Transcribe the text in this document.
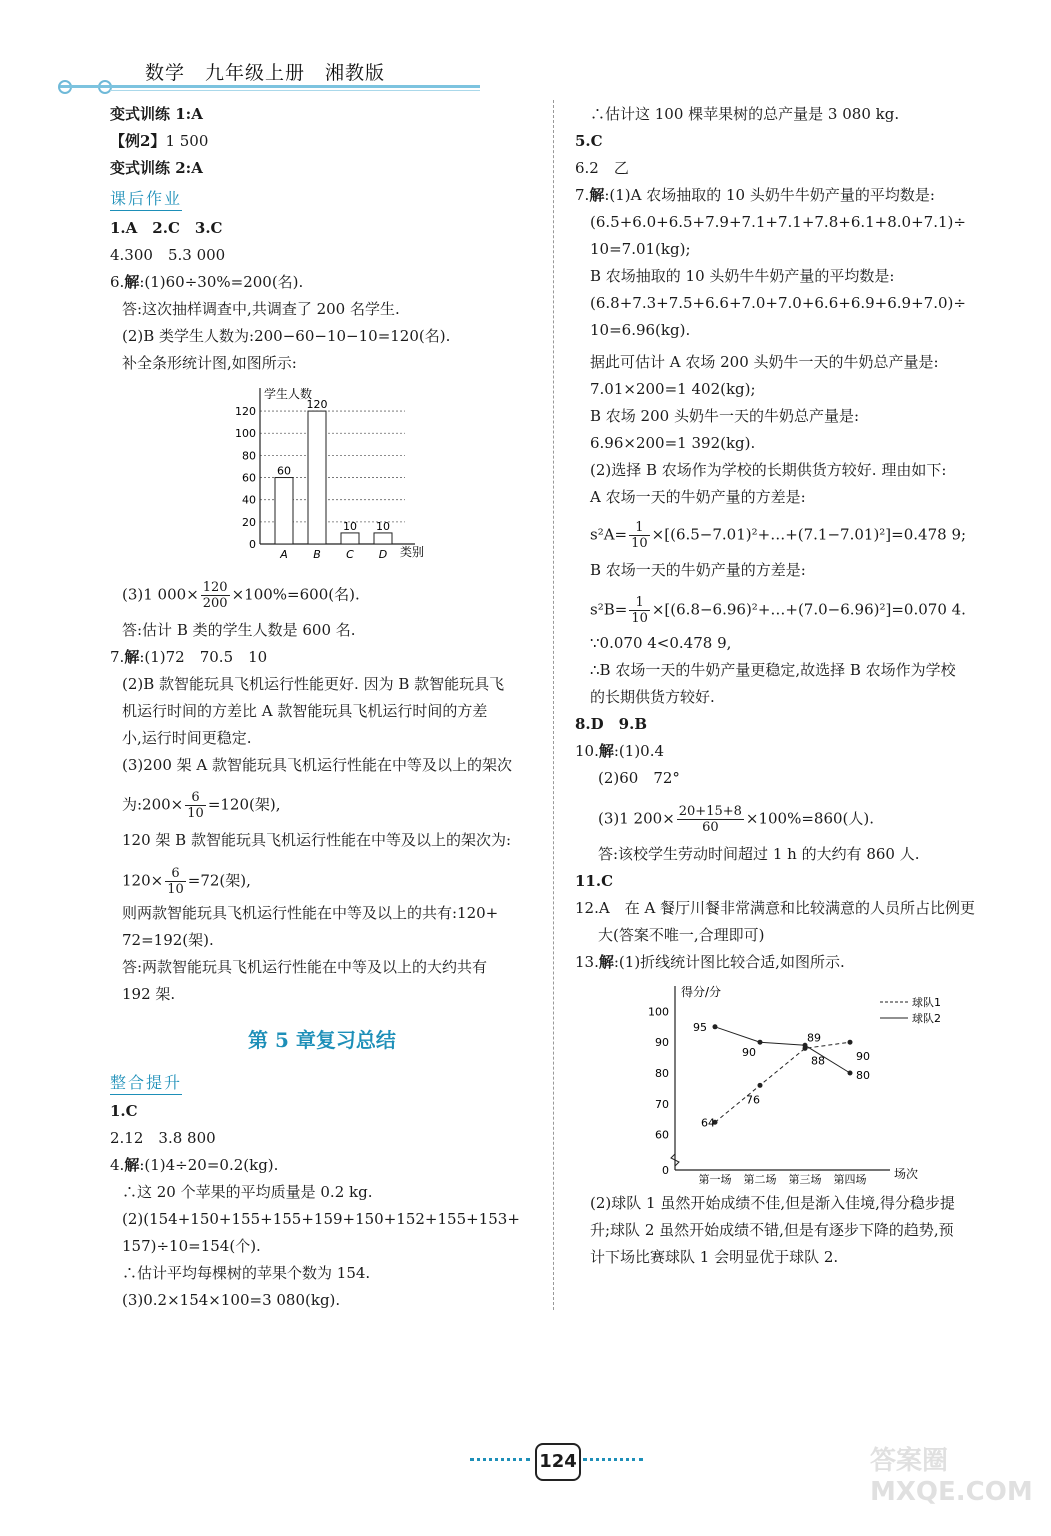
数学　九年级上册　湘教版
变式训练 1:A
【例2】1 500
变式训练 2:A
课后作业
1.A　2.C　3.C
4.300　5.3 000
6.解:(1)60÷30%=200(名).
答:这次抽样调查中,共调查了 200 名学生.
(2)B 类学生人数为:200−60−10−10=120(名).
补全条形统计图,如图所示:
0
20
40
60
80
100
120
学生人数
类别
60
A
120
B
10
C
10
D
(3)1 $000\times \frac{120}{200} \times 100\%=600$(名).
答:估计 B 类的学生人数是 600 名.
7.解:(1)72　70.5　10
(2)B 款智能玩具飞机运行性能更好. 因为 B 款智能玩具飞
机运行时间的方差比 A 款智能玩具飞机运行时间的方差
小,运行时间更稳定.
(3)200 架 A 款智能玩具飞机运行性能在中等及以上的架次
为:200× $\frac{6}{10} =120$(架),
120 架 B 款智能玩具飞机运行性能在中等及以上的架次为:
$120\times \frac{6}{10} =72$(架),
则两款智能玩具飞机运行性能在中等及以上的共有:120+
72=192(架).
答:两款智能玩具飞机运行性能在中等及以上的大约共有
192 架.
第 5 章复习总结
整合提升
1.C
2.12　3.8 800
4.解:(1)4÷20=0.2(kg).
∴这 20 个苹果的平均质量是 0.2 kg.
(2)(154+150+155+155+159+150+152+155+153+
157)÷10=154(个).
∴估计平均每棵树的苹果个数为 154.
(3)0.2×154×100=3 080(kg).
∴估计这 100 棵苹果树的总产量是 3 080 kg.
5.C
6.2　乙
7.解:(1)A 农场抽取的 10 头奶牛牛奶产量的平均数是:
(6.5+6.0+6.5+7.9+7.1+7.1+7.8+6.1+8.0+7.1)÷
10=7.01(kg);
B 农场抽取的 10 头奶牛牛奶产量的平均数是:
(6.8+7.3+7.5+6.6+7.0+7.0+6.6+6.9+6.9+7.0)÷
10=6.96(kg).
据此可估计 A 农场 200 头奶牛一天的牛奶总产量是:
7.01×200=1 402(kg);
B 农场 200 头奶牛一天的牛奶总产量是:
6.96×200=1 392(kg).
(2)选择 B 农场作为学校的长期供货方较好. 理由如下:
A 农场一天的牛奶产量的方差是:
$s^2A= \frac{1}{10}$ ×[(6.5−7.01)²+…+(7.1−7.01)²]=0.478 9;
B 农场一天的牛奶产量的方差是:
$s^2B= \frac{1}{10}$ ×[(6.8−6.96)²+…+(7.0−6.96)²]=0.070 4.
∵0.070 4<0.478 9,
∴B 农场一天的牛奶产量更稳定,故选择 B 农场作为学校
的长期供货方较好.
8.D　9.B
10.解:(1)0.4
(2)60　72°
(3)1 $200\times \frac{20+15+8}{60} \times 100\%=860$(人).
答:该校学生劳动时间超过 1 h 的大约有 860 人.
11.C
12.A　在 A 餐厅川餐非常满意和比较满意的人员所占比例更
大(答案不唯一,合理即可)
13.解:(1)折线统计图比较合适,如图所示.
得分/分
场次
0
60
70
80
90
100
第一场 第二场 第三场 第四场
64
76
88	90
95
90
89
80
球队1
球队2
(2)球队 1 虽然开始成绩不佳,但是渐入佳境,得分稳步提
升;球队 2 虽然开始成绩不错,但是有逐步下降的趋势,预
计下场比赛球队 1 会明显优于球队 2.
124	答案圈 MXQE.COM
